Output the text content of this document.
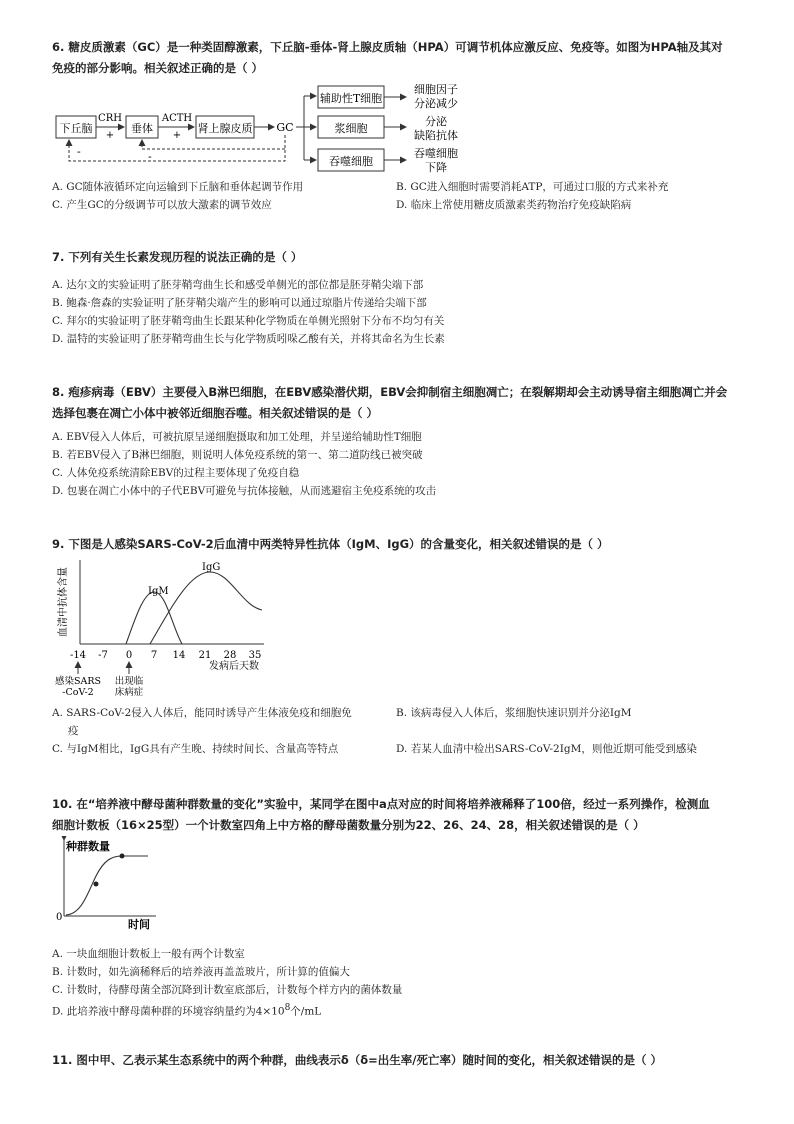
6. 糖皮质激素（GC）是一种类固醇激素，下丘脑-垂体-肾上腺皮质轴（HPA）可调节机体应激反应、免疫等。如图为HPA轴及其对
免疫的部分影响。相关叙述正确的是（ ）
下丘脑	垂体	肾上腺皮质
CRH
+
ACTH
+
GC
-	-
辅助性T细胞
浆细胞
吞噬细胞
细胞因子
分泌减少
分泌
缺陷抗体
吞噬细胞
下降
A. GC随体液循环定向运输到下丘脑和垂体起调节作用	B. GC进入细胞时需要消耗ATP，可通过口服的方式来补充
C. 产生GC的分级调节可以放大激素的调节效应	D. 临床上常使用糖皮质激素类药物治疗免疫缺陷病
7. 下列有关生长素发现历程的说法正确的是（ ）
A. 达尔文的实验证明了胚芽鞘弯曲生长和感受单侧光的部位都是胚芽鞘尖端下部
B. 鲍森·詹森的实验证明了胚芽鞘尖端产生的影响可以通过琼脂片传递给尖端下部
C. 拜尔的实验证明了胚芽鞘弯曲生长跟某种化学物质在单侧光照射下分布不均匀有关
D. 温特的实验证明了胚芽鞘弯曲生长与化学物质吲哚乙酸有关，并将其命名为生长素
8. 疱疹病毒（EBV）主要侵入B淋巴细胞，在EBV感染潜伏期，EBV会抑制宿主细胞凋亡；在裂解期却会主动诱导宿主细胞凋亡并会
选择包裹在凋亡小体中被邻近细胞吞噬。相关叙述错误的是（ ）
A. EBV侵入人体后，可被抗原呈递细胞摄取和加工处理，并呈递给辅助性T细胞
B. 若EBV侵入了B淋巴细胞，则说明人体免疫系统的第一、第二道防线已被突破
C. 人体免疫系统清除EBV的过程主要体现了免疫自稳
D. 包裹在凋亡小体中的子代EBV可避免与抗体接触，从而逃避宿主免疫系统的攻击
9. 下图是人感染SARS-CoV-2后血清中两类特异性抗体（IgM、IgG）的含量变化，相关叙述错误的是（ ）
血清中抗体含量	IgM
IgG
-14 -7 0 7 14 21 28 35
发病后天数
感染SARS
-CoV-2
出现临
床病症
A. SARS-CoV-2侵入人体后，能同时诱导产生体液免疫和细胞免
疫
B. 该病毒侵入人体后，浆细胞快速识别并分泌IgM
C. 与IgM相比，IgG具有产生晚、持续时间长、含量高等特点	D. 若某人血清中检出SARS-CoV-2IgM，则他近期可能受到感染
10. 在“培养液中酵母菌种群数量的变化”实验中，某同学在图中a点对应的时间将培养液稀释了100倍，经过一系列操作，检测血
细胞计数板（16×25型）一个计数室四角上中方格的酵母菌数量分别为22、26、24、28，相关叙述错误的是（ ）
种群数量
0
时间
A. 一块血细胞计数板上一般有两个计数室
B. 计数时，如先滴稀释后的培养液再盖盖玻片，所计算的值偏大
C. 计数时，待酵母菌全部沉降到计数室底部后，计数每个样方内的菌体数量
D. 此培养液中酵母菌种群的环境容纳量约为$4\times 10^8$个/mL
11. 图中甲、乙表示某生态系统中的两个种群，曲线表示δ（δ=出生率/死亡率）随时间的变化，相关叙述错误的是（ ）
